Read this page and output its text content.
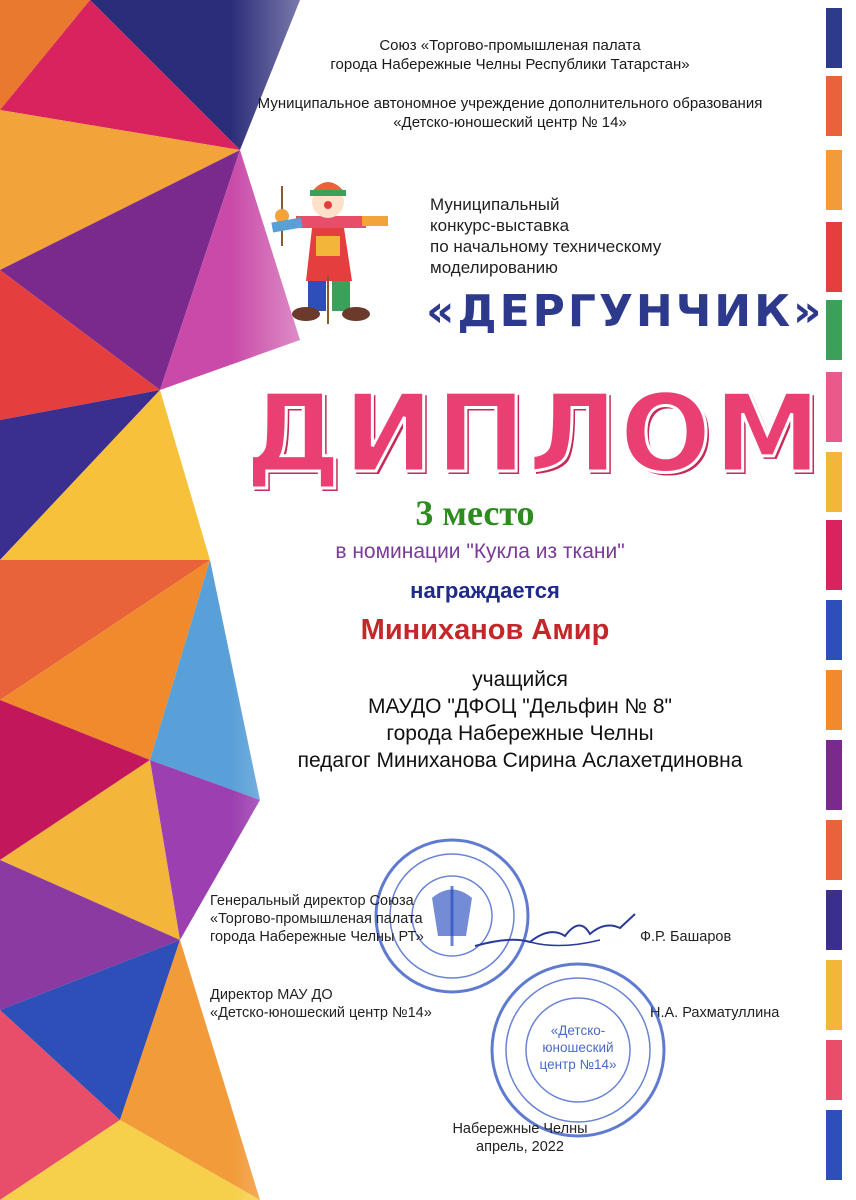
Союз «Торгово-промышленая палата
города Набережные Челны Республики Татарстан»
Муниципальное автономное учреждение дополнительного образования
«Детско-юношеский центр № 14»
Муниципальный
конкурс-выставка
по начальному техническому
моделированию
«ДЕРГУНЧИК»
ДИПЛОМ
3 место
в номинации "Кукла из ткани"
награждается
Миниханов Амир
учащийся
МАУДО "ДФОЦ "Дельфин № 8"
города Набережные Челны
педагог Миниханова Сирина Аслахетдиновна
Генеральный директор Союза
«Торгово-промышленая палата
города Набережные Челны РТ»	Ф.Р. Башаров
Директор МАУ ДО
«Детско-юношеский центр №14»	Н.А. Рахматуллина
«Детско-юношеский центр №14»
Набережные Челны
апрель, 2022
